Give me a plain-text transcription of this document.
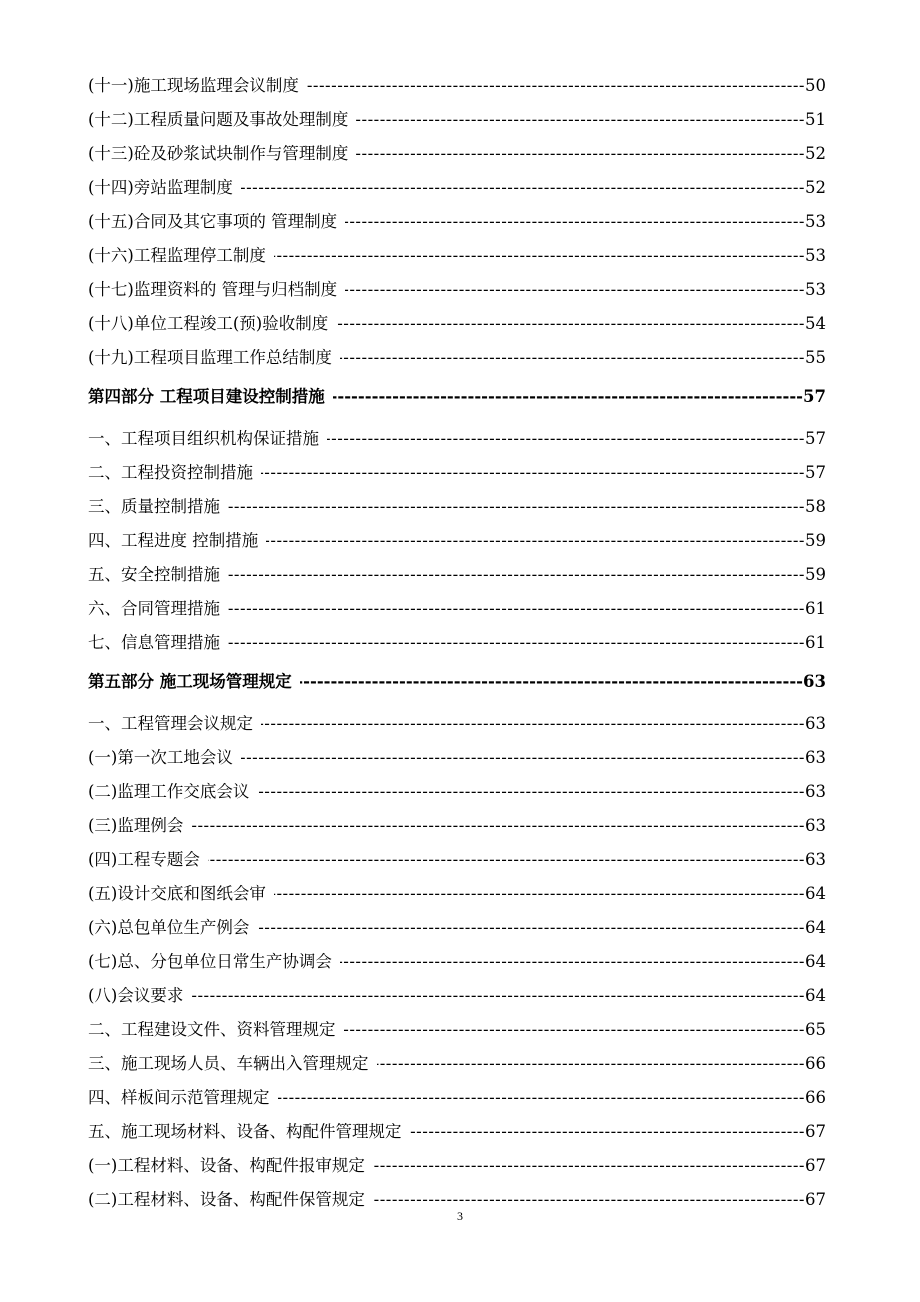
(十一)施工现场监理会议制度 -----	50
(十二)工程质量问题及事故处理制度 -----	51
(十三)砼及砂浆试块制作与管理制度 -----	52
(十四)旁站监理制度 -----	52
(十五)合同及其它事项的 管理制度 -----	53
(十六)工程监理停工制度 -----	53
(十七)监理资料的 管理与归档制度 -----	53
(十八)单位工程竣工(预)验收制度 -----	54
(十九)工程项目监理工作总结制度 -----	55
第四部分 工程项目建设控制措施 -----	57
一、工程项目组织机构保证措施 -----	57
二、工程投资控制措施 -----	57
三、质量控制措施 -----	58
四、工程进度 控制措施 -----	59
五、安全控制措施 -----	59
六、合同管理措施 -----	61
七、信息管理措施 -----	61
第五部分 施工现场管理规定 -----	63
一、工程管理会议规定 -----	63
(一)第一次工地会议 -----	63
(二)监理工作交底会议 -----	63
(三)监理例会 -----	63
(四)工程专题会 -----	63
(五)设计交底和图纸会审 -----	64
(六)总包单位生产例会 -----	64
(七)总、分包单位日常生产协调会 -----	64
(八)会议要求 -----	64
二、工程建设文件、资料管理规定 -----	65
三、施工现场人员、车辆出入管理规定 -----	66
四、样板间示范管理规定 -----	66
五、施工现场材料、设备、构配件管理规定 -----	67
(一)工程材料、设备、构配件报审规定 -----	67
(二)工程材料、设备、构配件保管规定 -----	67
3
